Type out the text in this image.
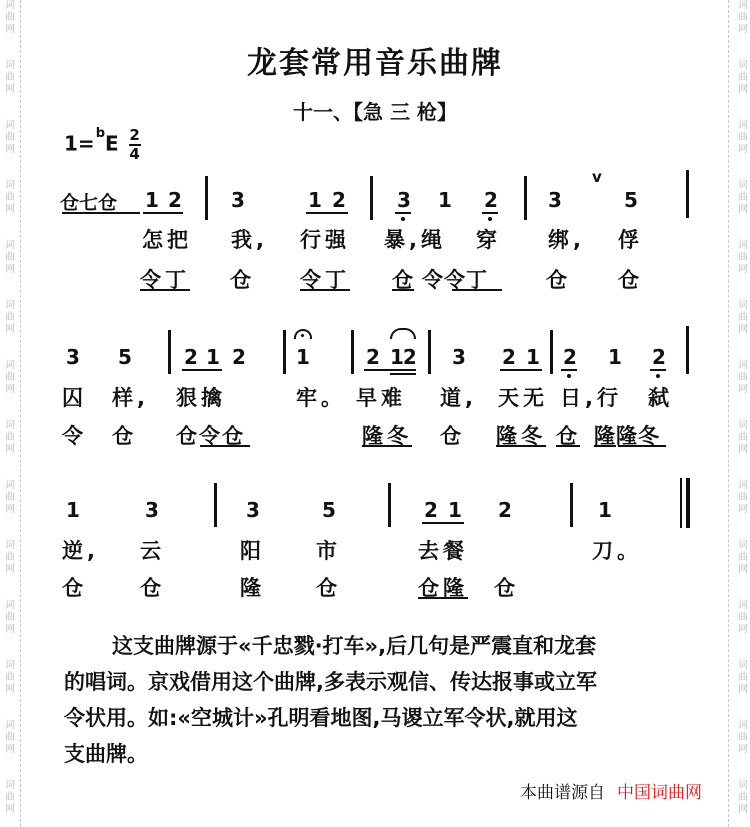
词
曲
网
词
曲
网
词
曲
网
词
曲
网
词
曲
网
词
曲
网
词
曲
网
词
曲
网
词
曲
网
词
曲
网
词
曲
网
词
曲
网
词
曲
网
词
曲
网
词
曲
网
词
曲
网
词
曲
网
词
曲
网
词
曲
网
词
曲
网
词
曲
网
词
曲
网
词
曲
网
词
曲
网
词
曲
网
词
曲
网
词
曲
网
词
曲
网
龙套常用音乐曲牌
十一、【急 三 枪】
$1=^bE \frac{2}{4}$
仓七仓 1 2 3	1 2	3 1 2
v
3	5
怎把 我, 行强 暴,绳 穿 绑, 俘
令丁 仓 令丁 仓 令令丁	仓 仓
3 5	2 1 2	1	2 12 3 2 1 2 1 2
囚 样, 狠擒	牢。 早难 道, 天无 日,行 弑
令 仓 仓令仓	隆冬 仓 隆冬 仓 隆隆冬
1	3	3	5	2 1 2	1
逆, 云	阳 市	去餐	刀。
仓	仓	隆 仓	仓隆 仓

这支曲牌源于«千忠戮·打车»,后几句是严震直和龙套

的唱词。京戏借用这个曲牌,多表示观信、传达报事或立军

令状用。如:«空城计»孔明看地图,马谡立军令状,就用这

支曲牌。

本曲谱源自 中国词曲网
